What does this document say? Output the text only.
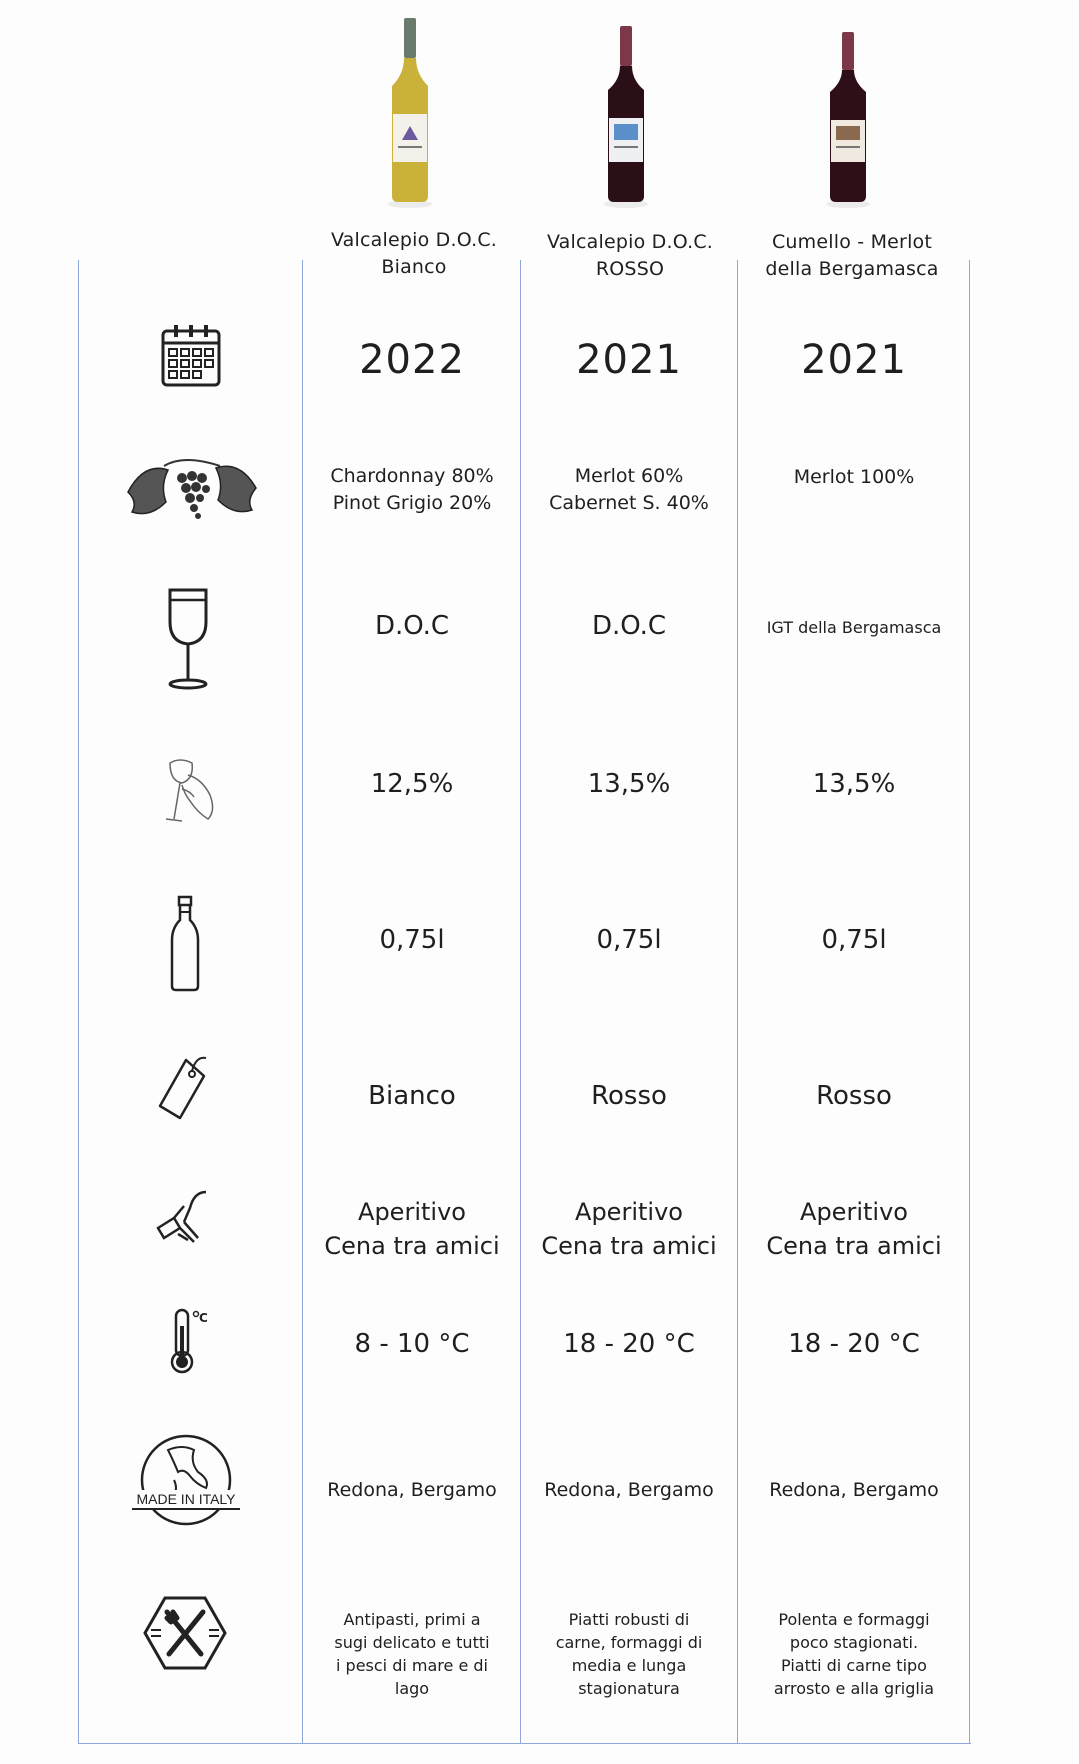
Valcalepio D.O.C.
Bianco
Valcalepio D.O.C.
ROSSO
Cumello - Merlot
della Bergamasca
C
MADE IN ITALY
2022
Chardonnay 80%
Pinot Grigio 20%
D.O.C
12,5%
0,75l
Bianco
Aperitivo
Cena tra amici
8 - 10 °C
Redona, Bergamo
Antipasti, primi a
sugi delicato e tutti
i pesci di mare e di
lago
2021
Merlot 60%
Cabernet S. 40%
D.O.C
13,5%
0,75l
Rosso
Aperitivo
Cena tra amici
18 - 20 °C
Redona, Bergamo
Piatti robusti di
carne, formaggi di
media e lunga
stagionatura
2021
Merlot 100%
IGT della Bergamasca
13,5%
0,75l
Rosso
Aperitivo
Cena tra amici
18 - 20 °C
Redona, Bergamo
Polenta e formaggi
poco stagionati.
Piatti di carne tipo
arrosto e alla griglia
